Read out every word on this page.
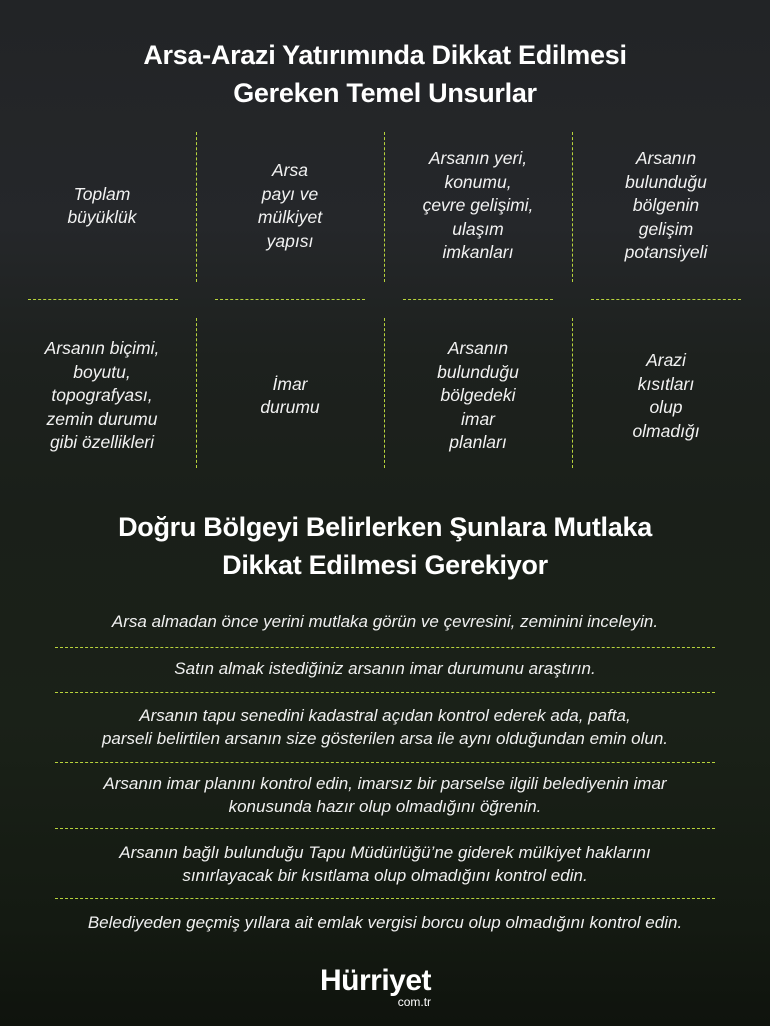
Arsa-Arazi Yatırımında Dikkat Edilmesi
Gereken Temel Unsurlar
Toplam
büyüklük
Arsa
payı ve
mülkiyet
yapısı
Arsanın yeri,
konumu,
çevre gelişimi,
ulaşım
imkanları
Arsanın
bulunduğu
bölgenin
gelişim
potansiyeli
Arsanın biçimi,
boyutu,
topografyası,
zemin durumu
gibi özellikleri
İmar
durumu
Arsanın
bulunduğu
bölgedeki
imar
planları
Arazi
kısıtları
olup
olmadığı
Doğru Bölgeyi Belirlerken Şunlara Mutlaka
Dikkat Edilmesi Gerekiyor
Arsa almadan önce yerini mutlaka görün ve çevresini, zeminini inceleyin.
Satın almak istediğiniz arsanın imar durumunu araştırın.
Arsanın tapu senedini kadastral açıdan kontrol ederek ada, pafta,
parseli belirtilen arsanın size gösterilen arsa ile aynı olduğundan emin olun.
Arsanın imar planını kontrol edin, imarsız bir parselse ilgili belediyenin imar
konusunda hazır olup olmadığını öğrenin.
Arsanın bağlı bulunduğu Tapu Müdürlüğü’ne giderek mülkiyet haklarını
sınırlayacak bir kısıtlama olup olmadığını kontrol edin.
Belediyeden geçmiş yıllara ait emlak vergisi borcu olup olmadığını kontrol edin.
Hürriyet
com.tr
